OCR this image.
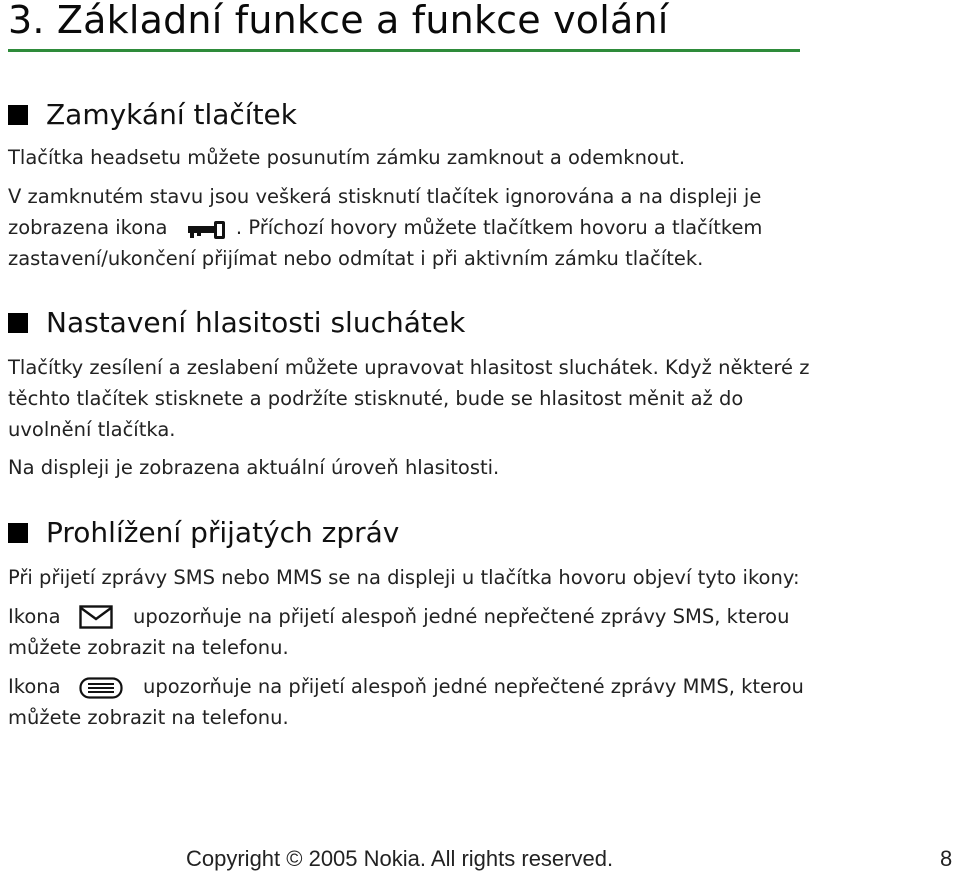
3. Základní funkce a funkce volání
Zamykání tlačítek

Tlačítka headsetu můžete posunutím zámku zamknout a odemknout.

V zamknutém stavu jsou veškerá stisknutí tlačítek ignorována a na displeji je

zobrazena ikona	. Příchozí hovory můžete tlačítkem hovoru a tlačítkem

zastavení/ukončení přijímat nebo odmítat i při aktivním zámku tlačítek.

Nastavení hlasitosti sluchátek

Tlačítky zesílení a zeslabení můžete upravovat hlasitost sluchátek. Když některé z

těchto tlačítek stisknete a podržíte stisknuté, bude se hlasitost měnit až do

uvolnění tlačítka.

Na displeji je zobrazena aktuální úroveň hlasitosti.

Prohlížení přijatých zpráv

Při přijetí zprávy SMS nebo MMS se na displeji u tlačítka hovoru objeví tyto ikony:

Ikona	upozorňuje na přijetí alespoň jedné nepřečtené zprávy SMS, kterou

můžete zobrazit na telefonu.

Ikona	upozorňuje na přijetí alespoň jedné nepřečtené zprávy MMS, kterou

můžete zobrazit na telefonu.

Copyright © 2005 Nokia. All rights reserved.	8
